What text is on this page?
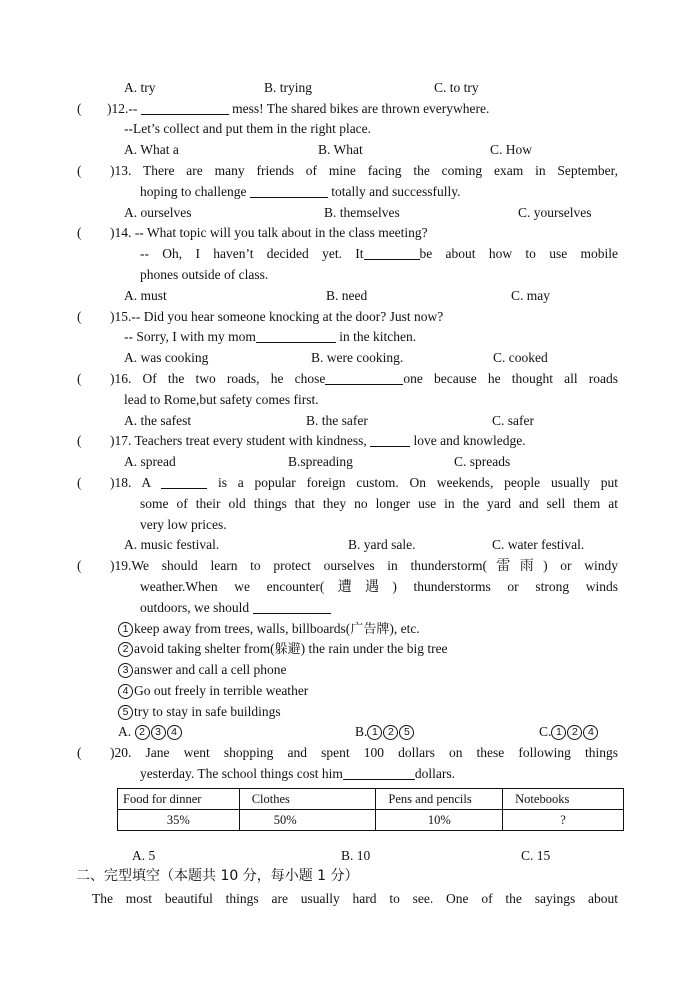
A. try	B. trying	C. to try
( )12.--	mess! The shared bikes are thrown everywhere.
--Let’s collect and put them in the right place.
A. What a	B. What	C. How
( )13. There are many friends of mine facing the coming exam in September,
hoping to challenge	totally and successfully.
A. ourselves	B. themselves	C. yourselves
( )14. -- What topic will you talk about in the class meeting?
-- Oh, I haven’t decided yet. It	be about how to use mobile
phones outside of class.
A. must	B. need	C. may
( )15.-- Did you hear someone knocking at the door? Just now?
-- Sorry, I with my mom	in the kitchen.
A. was cooking	B. were cooking.	C. cooked
( )16. Of the two roads, he chose	one because he thought all roads
lead to Rome,but safety comes first.
A. the safest	B. the safer	C. safer
( )17. Teachers treat every student with kindness,	love and knowledge.
A. spread	B.spreading	C. spreads
( )18. A	is a popular foreign custom. On weekends, people usually put
some of their old things that they no longer use in the yard and sell them at
very low prices.
A. music festival.	B. yard sale.	C. water festival.
( )19.We should learn to protect ourselves in thunderstorm(雷雨) or windy
weather.When we encounter(遭遇) thunderstorms or strong winds
outdoors, we should
1 keep away from trees, walls, billboards(广告牌), etc.
2 avoid taking shelter from(躲避) the rain under the big tree
3 answer and call a cell phone
4 Go out freely in terrible weather
5 try to stay in safe buildings
A. 2 3 4	B. 1 2 5	C. 1 2 4
( )20. Jane went shopping and spent 100 dollars on these following things
yesterday. The school things cost him	dollars.
Food for dinner	Clothes	Pens and pencils	Notebooks
35%	50%	10%	?
A. 5	B. 10	C. 15
二、完型填空（本题共 10 分，每小题 1 分）
The most beautiful things are usually hard to see. One of the sayings about
